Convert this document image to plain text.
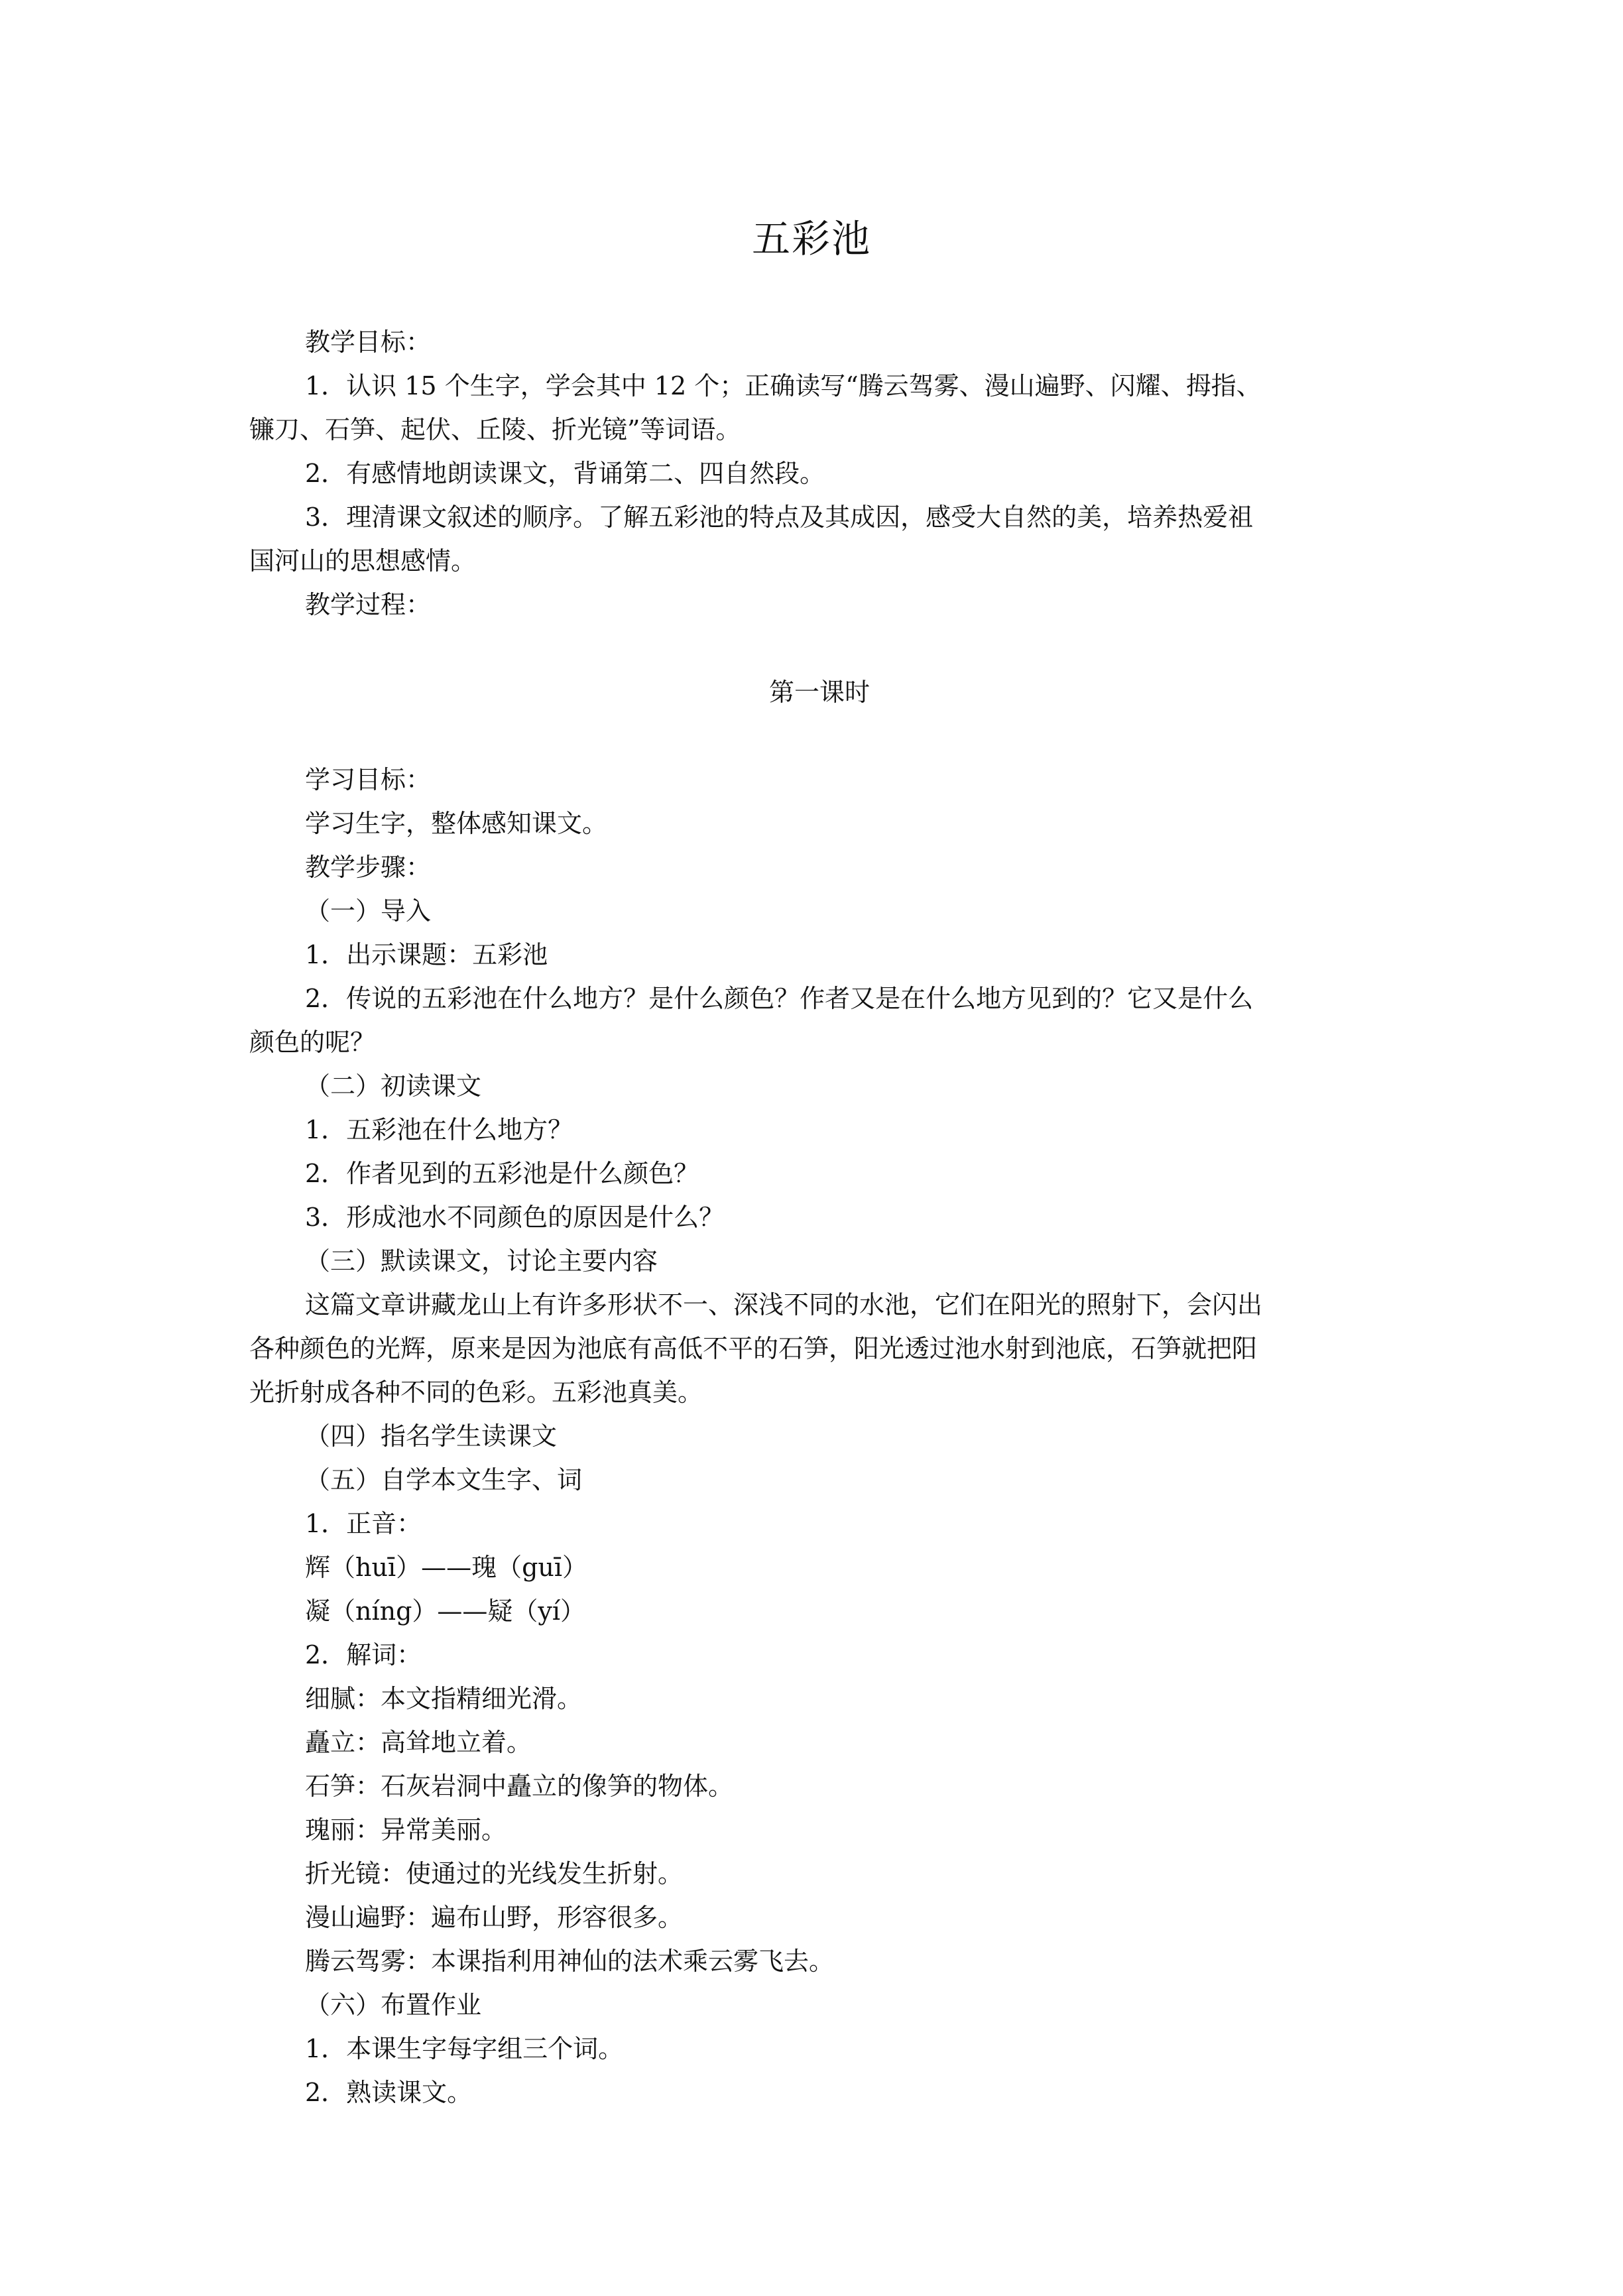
五彩池
教学目标：
1．认识 15 个生字，学会其中 12 个；正确读写“腾云驾雾、漫山遍野、闪耀、拇指、
镰刀、石笋、起伏、丘陵、折光镜”等词语。
2．有感情地朗读课文，背诵第二、四自然段。
3．理清课文叙述的顺序。了解五彩池的特点及其成因，感受大自然的美，培养热爱祖
国河山的思想感情。
教学过程：
第一课时
学习目标：
学习生字，整体感知课文。
教学步骤：
（一）导入
1．出示课题：五彩池
2．传说的五彩池在什么地方？是什么颜色？作者又是在什么地方见到的？它又是什么
颜色的呢？
（二）初读课文
1．五彩池在什么地方？
2．作者见到的五彩池是什么颜色？
3．形成池水不同颜色的原因是什么？
（三）默读课文，讨论主要内容
这篇文章讲藏龙山上有许多形状不一、深浅不同的水池，它们在阳光的照射下，会闪出
各种颜色的光辉，原来是因为池底有高低不平的石笋，阳光透过池水射到池底，石笋就把阳
光折射成各种不同的色彩。五彩池真美。
（四）指名学生读课文
（五）自学本文生字、词
1．正音：
辉（huī）——瑰（guī）
凝（níng）——疑（yí）
2．解词：
细腻：本文指精细光滑。
矗立：高耸地立着。
石笋：石灰岩洞中矗立的像笋的物体。
瑰丽：异常美丽。
折光镜：使通过的光线发生折射。
漫山遍野：遍布山野，形容很多。
腾云驾雾：本课指利用神仙的法术乘云雾飞去。
（六）布置作业
1．本课生字每字组三个词。
2．熟读课文。
